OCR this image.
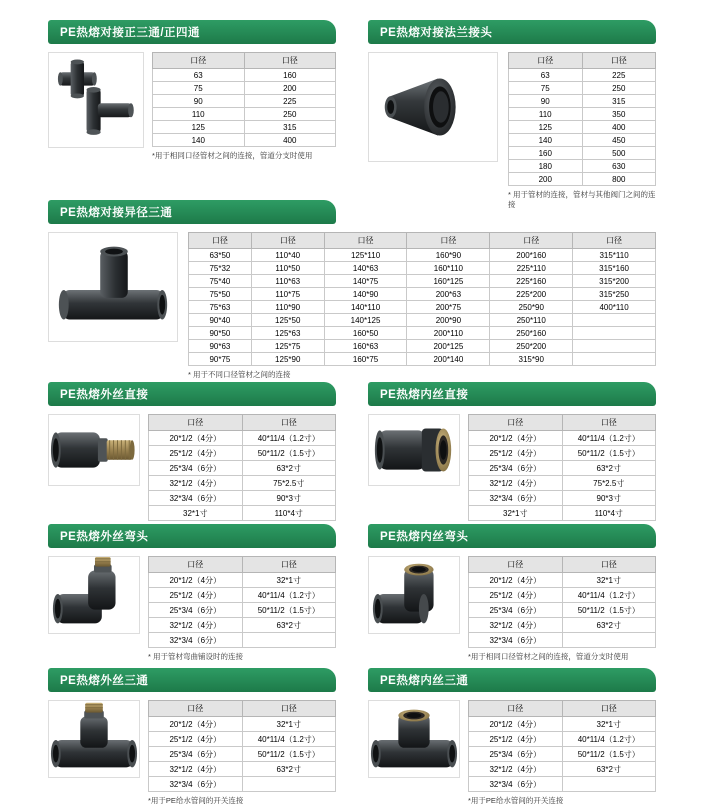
PE热熔对接正三通/正四通
口径	口径
63	160
75	200
90	225
110	250
125	315
140	400
*用于相同口径管材之间的连接，管道分支时使用
PE热熔对接法兰接头
口径	口径
63	225
75	250
90	315
110	350
125	400
140	450
160	500
180	630
200	800
* 用于管材的连接，管材与其他阀门之间的连接
PE热熔对接异径三通
口径	口径	口径	口径	口径	口径
63*50	110*40	125*110	160*90	200*160	315*110
75*32	110*50	140*63	160*110	225*110	315*160
75*40	110*63	140*75	160*125	225*160	315*200
75*50	110*75	140*90	200*63	225*200	315*250
75*63	110*90	140*110	200*75	250*90	400*110
90*40	125*50	140*125	200*90	250*110	
90*50	125*63	160*50	200*110	250*160	
90*63	125*75	160*63	200*125	250*200	
90*75	125*90	160*75	200*140	315*90	
* 用于不同口径管材之间的连接
PE热熔外丝直接
口径	口径
20*1/2（4分）	40*11/4（1.2寸）
25*1/2（4分）	50*11/2（1.5寸）
25*3/4（6分）	63*2寸
32*1/2（4分）	75*2.5寸
32*3/4（6分）	90*3寸
32*1寸	110*4寸
PE热熔内丝直接
口径	口径
20*1/2（4分）	40*11/4（1.2寸）
25*1/2（4分）	50*11/2（1.5寸）
25*3/4（6分）	63*2寸
32*1/2（4分）	75*2.5寸
32*3/4（6分）	90*3寸
32*1寸	110*4寸
PE热熔外丝弯头
口径	口径
20*1/2（4分）	32*1寸
25*1/2（4分）	40*11/4（1.2寸）
25*3/4（6分）	50*11/2（1.5寸）
32*1/2（4分）	63*2寸
32*3/4（6分）	
* 用于管材弯曲铺设时的连接
PE热熔内丝弯头
口径	口径
20*1/2（4分）	32*1寸
25*1/2（4分）	40*11/4（1.2寸）
25*3/4（6分）	50*11/2（1.5寸）
32*1/2（4分）	63*2寸
32*3/4（6分）	
*用于相同口径管材之间的连接，管道分支时使用
PE热熔外丝三通
口径	口径
20*1/2（4分）	32*1寸
25*1/2（4分）	40*11/4（1.2寸）
25*3/4（6分）	50*11/2（1.5寸）
32*1/2（4分）	63*2寸
32*3/4（6分）	
*用于PE给水管间的开关连接
PE热熔内丝三通
口径	口径
20*1/2（4分）	32*1寸
25*1/2（4分）	40*11/4（1.2寸）
25*3/4（6分）	50*11/2（1.5寸）
32*1/2（4分）	63*2寸
32*3/4（6分）	
*用于PE给水管间的开关连接
